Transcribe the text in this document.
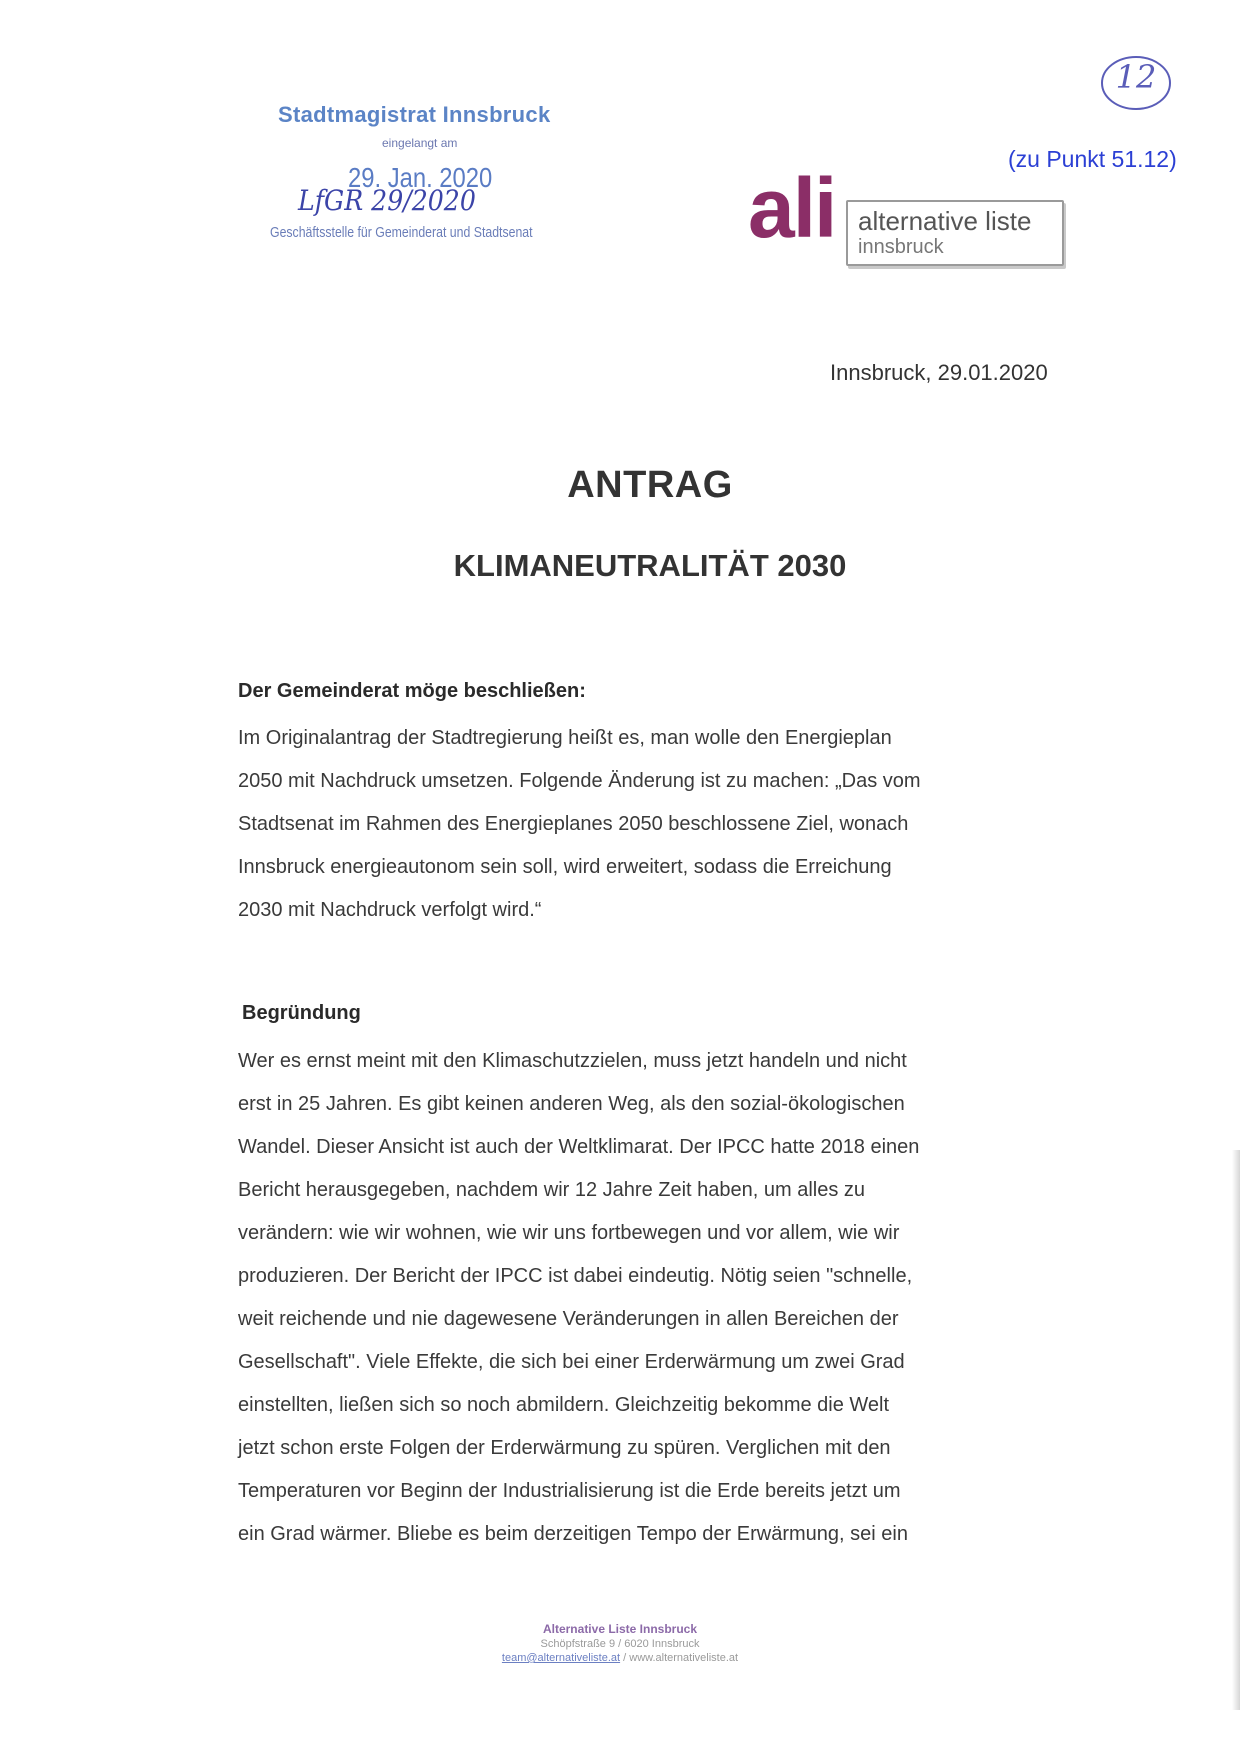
12
(zu Punkt 51.12)
Stadtmagistrat Innsbruck
eingelangt am
29. Jan. 2020
LfGR 29/2020
Geschäftsstelle für Gemeinderat und Stadtsenat	ali alternative liste
innsbruck
Innsbruck, 29.01.2020
ANTRAG
KLIMANEUTRALITÄT 2030
Der Gemeinderat möge beschließen:

Im Originalantrag der Stadtregierung heißt es, man wolle den Energieplan

2050 mit Nachdruck umsetzen. Folgende Änderung ist zu machen: „Das vom

Stadtsenat im Rahmen des Energieplanes 2050 beschlossene Ziel, wonach

Innsbruck energieautonom sein soll, wird erweitert, sodass die Erreichung

2030 mit Nachdruck verfolgt wird.“

Begründung

Wer es ernst meint mit den Klimaschutzzielen, muss jetzt handeln und nicht

erst in 25 Jahren. Es gibt keinen anderen Weg, als den sozial-ökologischen

Wandel. Dieser Ansicht ist auch der Weltklimarat. Der IPCC hatte 2018 einen

Bericht herausgegeben, nachdem wir 12 Jahre Zeit haben, um alles zu

verändern: wie wir wohnen, wie wir uns fortbewegen und vor allem, wie wir

produzieren. Der Bericht der IPCC ist dabei eindeutig. Nötig seien "schnelle,

weit reichende und nie dagewesene Veränderungen in allen Bereichen der

Gesellschaft". Viele Effekte, die sich bei einer Erderwärmung um zwei Grad

einstellten, ließen sich so noch abmildern. Gleichzeitig bekomme die Welt

jetzt schon erste Folgen der Erderwärmung zu spüren. Verglichen mit den

Temperaturen vor Beginn der Industrialisierung ist die Erde bereits jetzt um

ein Grad wärmer. Bliebe es beim derzeitigen Tempo der Erwärmung, sei ein

Alternative Liste Innsbruck
Schöpfstraße 9 / 6020 Innsbruck
team@alternativeliste.at / www.alternativeliste.at
